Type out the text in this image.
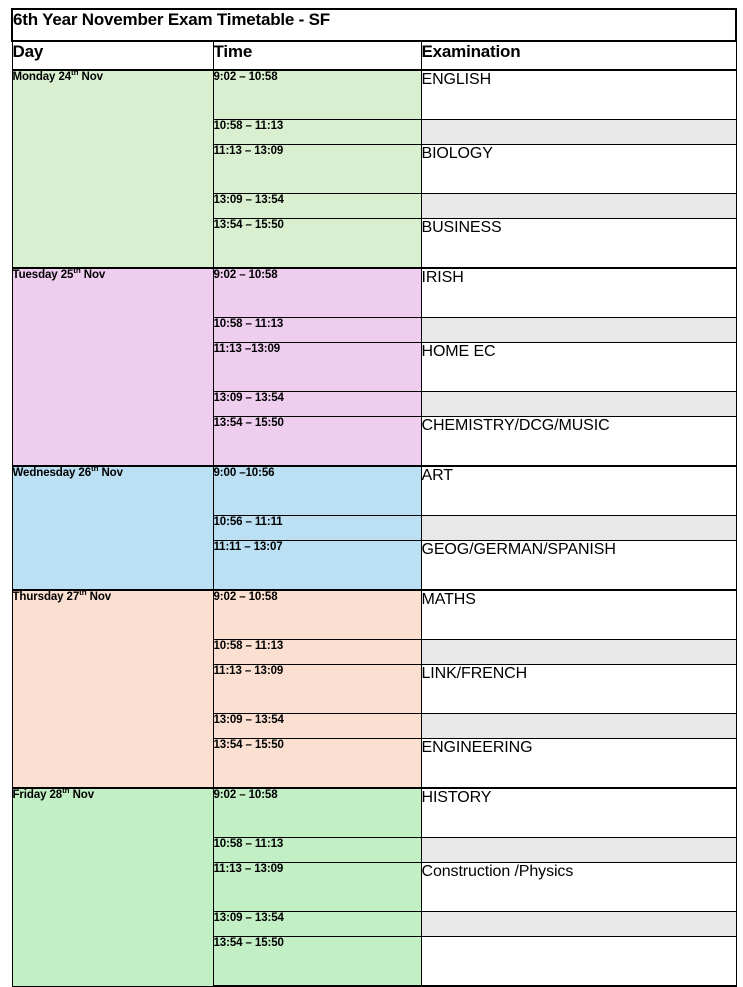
6th Year November Exam Timetable - SF		
Day	Time	Examination
Monday 24th Nov	9:02 – 10:58	ENGLISH
	10:58 – 11:13	
	11:13 – 13:09	BIOLOGY
	13:09 – 13:54	
	13:54 – 15:50	BUSINESS
Tuesday 25th Nov	9:02 – 10:58	IRISH
	10:58 – 11:13	
	11:13 –13:09	HOME EC
	13:09 – 13:54	
	13:54 – 15:50	CHEMISTRY/DCG/MUSIC
Wednesday 26th Nov	9:00 –10:56	ART
	10:56 – 11:11	
	11:11 – 13:07	GEOG/GERMAN/SPANISH
Thursday 27th Nov	9:02 – 10:58	MATHS
	10:58 – 11:13	
	11:13 – 13:09	LINK/FRENCH
	13:09 – 13:54	
	13:54 – 15:50	ENGINEERING
Friday 28th Nov	9:02 – 10:58	HISTORY
	10:58 – 11:13	
	11:13 – 13:09	Construction /Physics
	13:09 – 13:54	
	13:54 – 15:50	
